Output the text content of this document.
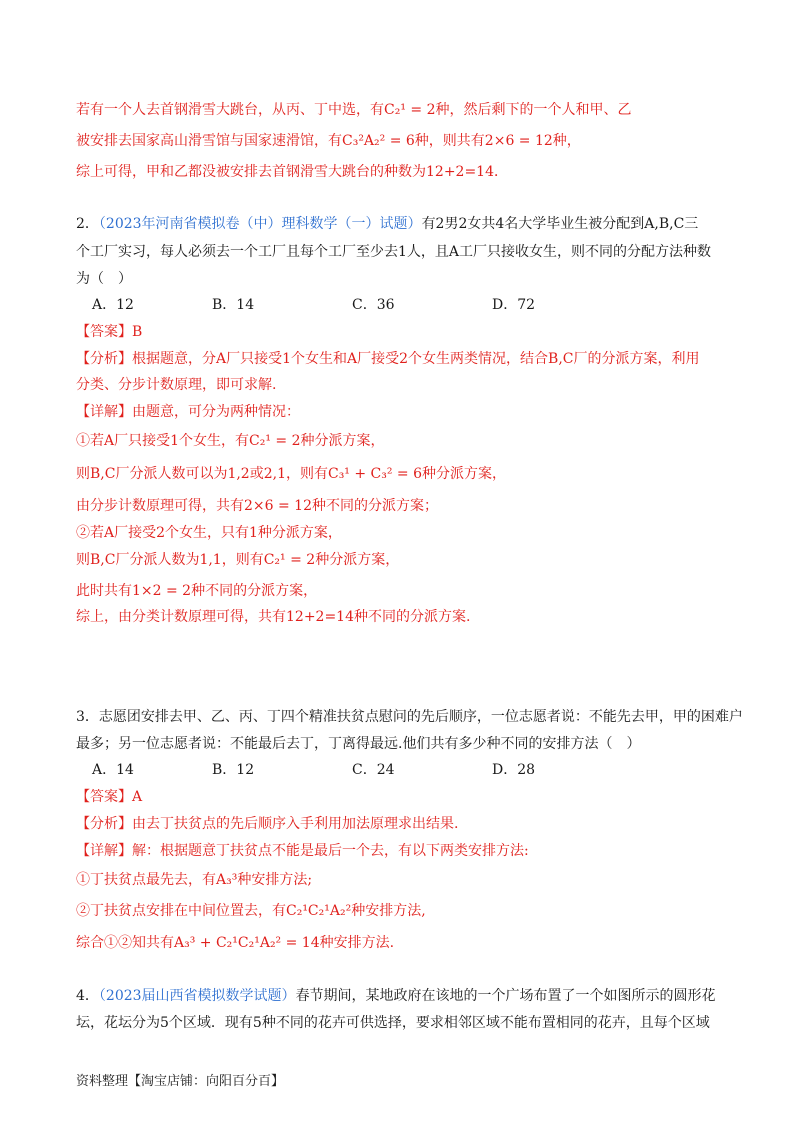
若有一个人去首钢滑雪大跳台，从丙、丁中选，有C₂¹ = 2种，然后剩下的一个人和甲、乙
被安排去国家高山滑雪馆与国家速滑馆，有C₃²A₂² = 6种，则共有2×6 = 12种，
综上可得，甲和乙都没被安排去首钢滑雪大跳台的种数为12+2=14．
2．（2023年河南省模拟卷（中）理科数学（一）试题）有2男2女共4名大学毕业生被分配到A,B,C三
个工厂实习，每人必须去一个工厂且每个工厂至少去1人，且A工厂只接收女生，则不同的分配方法种数
为（　）
A．12	B．14	C．36	D．72
【答案】B
【分析】根据题意，分A厂只接受1个女生和A厂接受2个女生两类情况，结合B,C厂的分派方案，利用
分类、分步计数原理，即可求解.
【详解】由题意，可分为两种情况：
①若A厂只接受1个女生，有C₂¹ = 2种分派方案，
则B,C厂分派人数可以为1,2或2,1，则有C₃¹ + C₃² = 6种分派方案，
由分步计数原理可得，共有2×6 = 12种不同的分派方案；
②若A厂接受2个女生，只有1种分派方案，
则B,C厂分派人数为1,1，则有C₂¹ = 2种分派方案，
此时共有1×2 = 2种不同的分派方案，
综上，由分类计数原理可得，共有12+2=14种不同的分派方案.
3．志愿团安排去甲、乙、丙、丁四个精准扶贫点慰问的先后顺序，一位志愿者说：不能先去甲，甲的困难户
最多；另一位志愿者说：不能最后去丁，丁离得最远.他们共有多少种不同的安排方法（　）
A．14	B．12	C．24	D．28
【答案】A
【分析】由去丁扶贫点的先后顺序入手利用加法原理求出结果.
【详解】解：根据题意丁扶贫点不能是最后一个去，有以下两类安排方法:
①丁扶贫点最先去，有A₃³种安排方法;
②丁扶贫点安排在中间位置去，有C₂¹C₂¹A₂²种安排方法,
综合①②知共有A₃³ + C₂¹C₂¹A₂² = 14种安排方法.
4．（2023届山西省模拟数学试题）春节期间，某地政府在该地的一个广场布置了一个如图所示的圆形花
坛，花坛分为5个区域．现有5种不同的花卉可供选择，要求相邻区域不能布置相同的花卉，且每个区域
资料整理【淘宝店铺：向阳百分百】
